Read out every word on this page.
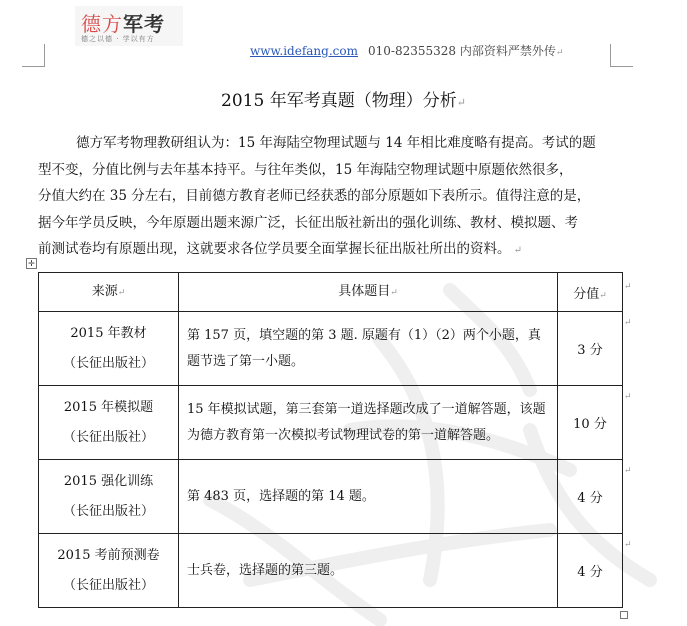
德方军考
德之以德 · 学以有方
www.idefang.com 010-82355328 内部资料严禁外传↵
2015 年军考真题（物理）分析↵
德方军考物理教研组认为：15 年海陆空物理试题与 14 年相比难度略有提高。考试的题
型不变，分值比例与去年基本持平。与往年类似，15 年海陆空物理试题中原题依然很多，
分值大约在 35 分左右，目前德方教育老师已经获悉的部分原题如下表所示。值得注意的是，
据今年学员反映，今年原题出题来源广泛，长征出版社新出的强化训练、教材、模拟题、考
前测试卷均有原题出现，这就要求各位学员要全面掌握长征出版社所出的资料。 ↵
✛
来源↵	具体题目↵	分值↵

2015 年教材
（长征出版社）	第 157 页，填空题的第 3 题. 原题有（1）（2）两个小题，真题节选了第一小题。	3 分

2015 年模拟题
（长征出版社）	15 年模拟试题，第三套第一道选择题改成了一道解答题，该题为德方教育第一次模拟考试物理试卷的第一道解答题。	10 分

2015 强化训练
（长征出版社）	第 483 页，选择题的第 14 题。	4 分

2015 考前预测卷
（长征出版社）	士兵卷，选择题的第三题。	4 分
↵
↵
↵
↵
↵
